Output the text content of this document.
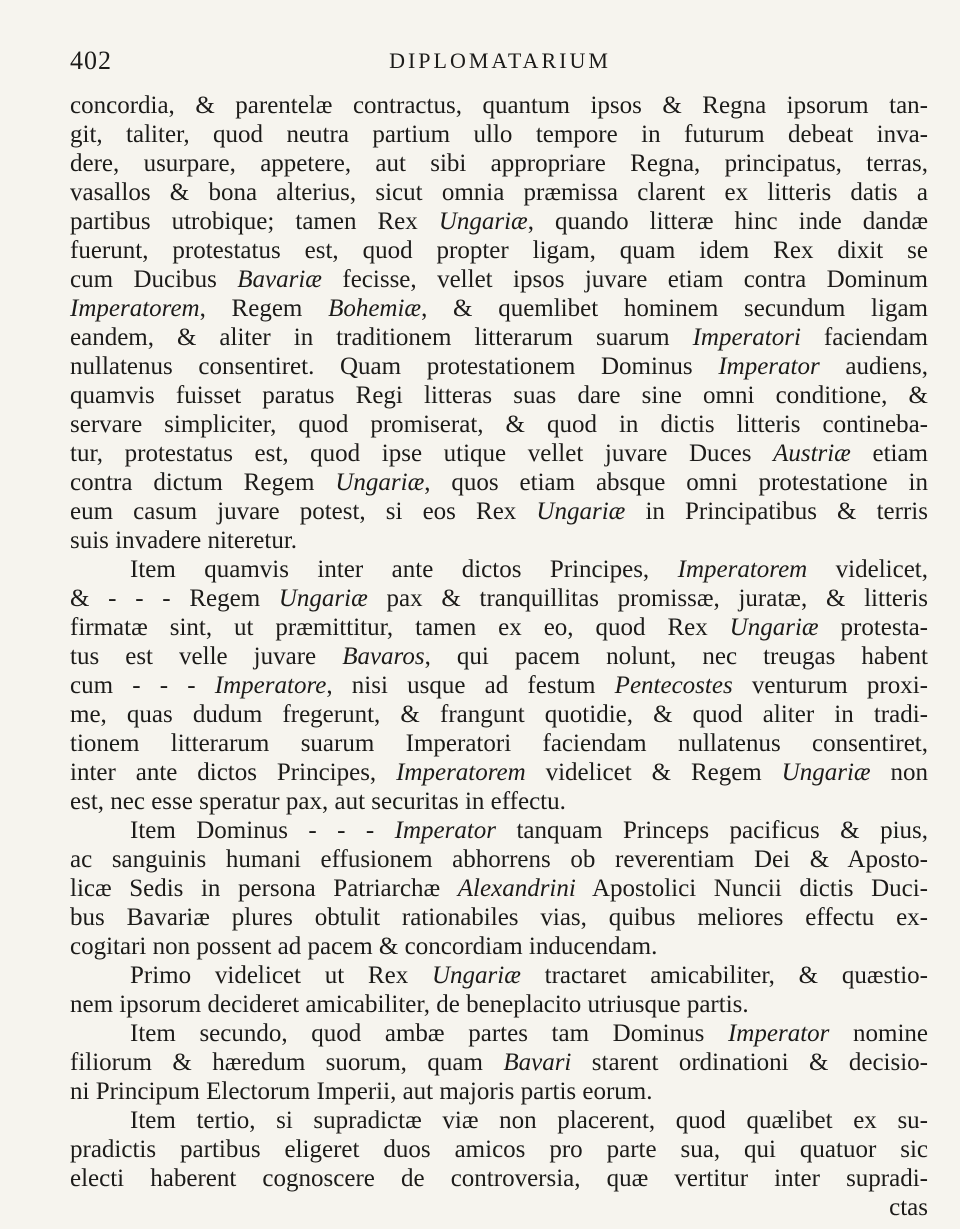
402	DIPLOMATARIUM
concordia, & parentelæ contractus, quantum ipsos & Regna ipsorum tan-
git, taliter, quod neutra partium ullo tempore in futurum debeat inva-
dere, usurpare, appetere, aut sibi appropriare Regna, principatus, terras,
vasallos & bona alterius, sicut omnia præmissa clarent ex litteris datis a
partibus utrobique; tamen Rex Ungariæ, quando litteræ hinc inde dandæ
fuerunt, protestatus est, quod propter ligam, quam idem Rex dixit se
cum Ducibus Bavariæ fecisse, vellet ipsos juvare etiam contra Dominum
Imperatorem, Regem Bohemiæ, & quemlibet hominem secundum ligam
eandem, & aliter in traditionem litterarum suarum Imperatori faciendam
nullatenus consentiret. Quam protestationem Dominus Imperator audiens,
quamvis fuisset paratus Regi litteras suas dare sine omni conditione, &
servare simpliciter, quod promiserat, & quod in dictis litteris contineba-
tur, protestatus est, quod ipse utique vellet juvare Duces Austriæ etiam
contra dictum Regem Ungariæ, quos etiam absque omni protestatione in
eum casum juvare potest, si eos Rex Ungariæ in Principatibus & terris
suis invadere niteretur.
Item quamvis inter ante dictos Principes, Imperatorem videlicet,
& - - - Regem Ungariæ pax & tranquillitas promissæ, juratæ, & litteris
firmatæ sint, ut præmittitur, tamen ex eo, quod Rex Ungariæ protesta-
tus est velle juvare Bavaros, qui pacem nolunt, nec treugas habent
cum - - - Imperatore, nisi usque ad festum Pentecostes venturum proxi-
me, quas dudum fregerunt, & frangunt quotidie, & quod aliter in tradi-
tionem litterarum suarum Imperatori faciendam nullatenus consentiret,
inter ante dictos Principes, Imperatorem videlicet & Regem Ungariæ non
est, nec esse speratur pax, aut securitas in effectu.
Item Dominus - - - Imperator tanquam Princeps pacificus & pius,
ac sanguinis humani effusionem abhorrens ob reverentiam Dei & Aposto-
licæ Sedis in persona Patriarchæ Alexandrini Apostolici Nuncii dictis Duci-
bus Bavariæ plures obtulit rationabiles vias, quibus meliores effectu ex-
cogitari non possent ad pacem & concordiam inducendam.
Primo videlicet ut Rex Ungariæ tractaret amicabiliter, & quæstio-
nem ipsorum decideret amicabiliter, de beneplacito utriusque partis.
Item secundo, quod ambæ partes tam Dominus Imperator nomine
filiorum & hæredum suorum, quam Bavari starent ordinationi & decisio-
ni Principum Electorum Imperii, aut majoris partis eorum.
Item tertio, si supradictæ viæ non placerent, quod quælibet ex su-
pradictis partibus eligeret duos amicos pro parte sua, qui quatuor sic
electi haberent cognoscere de controversia, quæ vertitur inter supradi-
ctas
